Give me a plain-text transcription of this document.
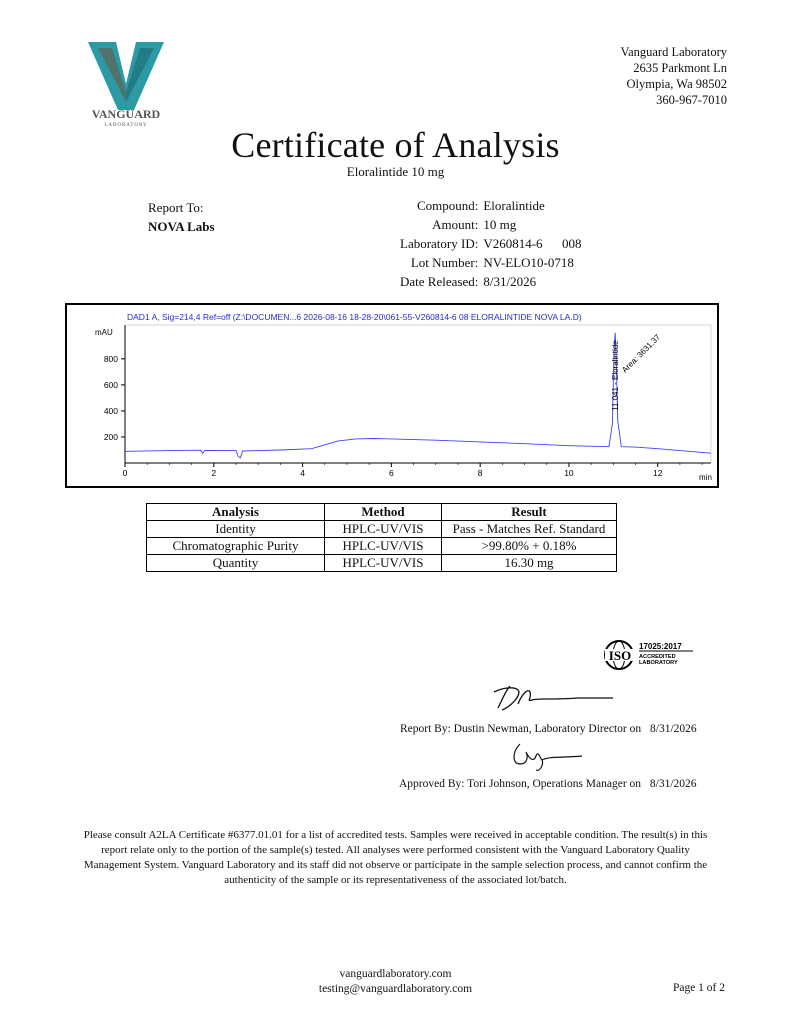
VANGUARD
LABORATORY
Vanguard Laboratory
2635 Parkmont Ln
Olympia, Wa 98502
360-967-7010
Certificate of Analysis
Eloralintide 10 mg
Report To:
NOVA Labs
Compound:	Eloralintide
Amount:	10 mg
Laboratory ID:	V260814-6      008
Lot Number:	NV-ELO10-0718
Date Released:	8/31/2026
DAD1 A, Sig=214,4 Ref=off (Z:\DOCUMEN...6 2026-08-16 18-28-20\061-55-V260814-6 08 ELORALINTIDE NOVA LA.D)
mAU
min
0	2	4	6	8	10	12
200
400
600
800	11.041 - Eloralintide Area: 3631.37
Analysis	Method	Result
Identity	HPLC-UV/VIS	Pass - Matches Ref. Standard
Chromatographic Purity	HPLC-UV/VIS	>99.80% + 0.18%
Quantity	HPLC-UV/VIS	16.30 mg
ISO
17025:2017
ACCREDITED
LABORATORY
Report By: Dustin Newman, Laboratory Director on 8/31/2026
Approved By: Tori Johnson, Operations Manager on 8/31/2026
Please consult A2LA Certificate #6377.01.01 for a list of accredited tests. Samples were received in acceptable condition. The result(s) in this report relate only to the portion of the sample(s) tested. All analyses were performed consistent with the Vanguard Laboratory Quality Management System. Vanguard Laboratory and its staff did not observe or participate in the sample selection process, and cannot confirm the authenticity of the sample or its representativeness of the associated lot/batch.
vanguardlaboratory.com
testing@vanguardlaboratory.com	Page 1 of 2
